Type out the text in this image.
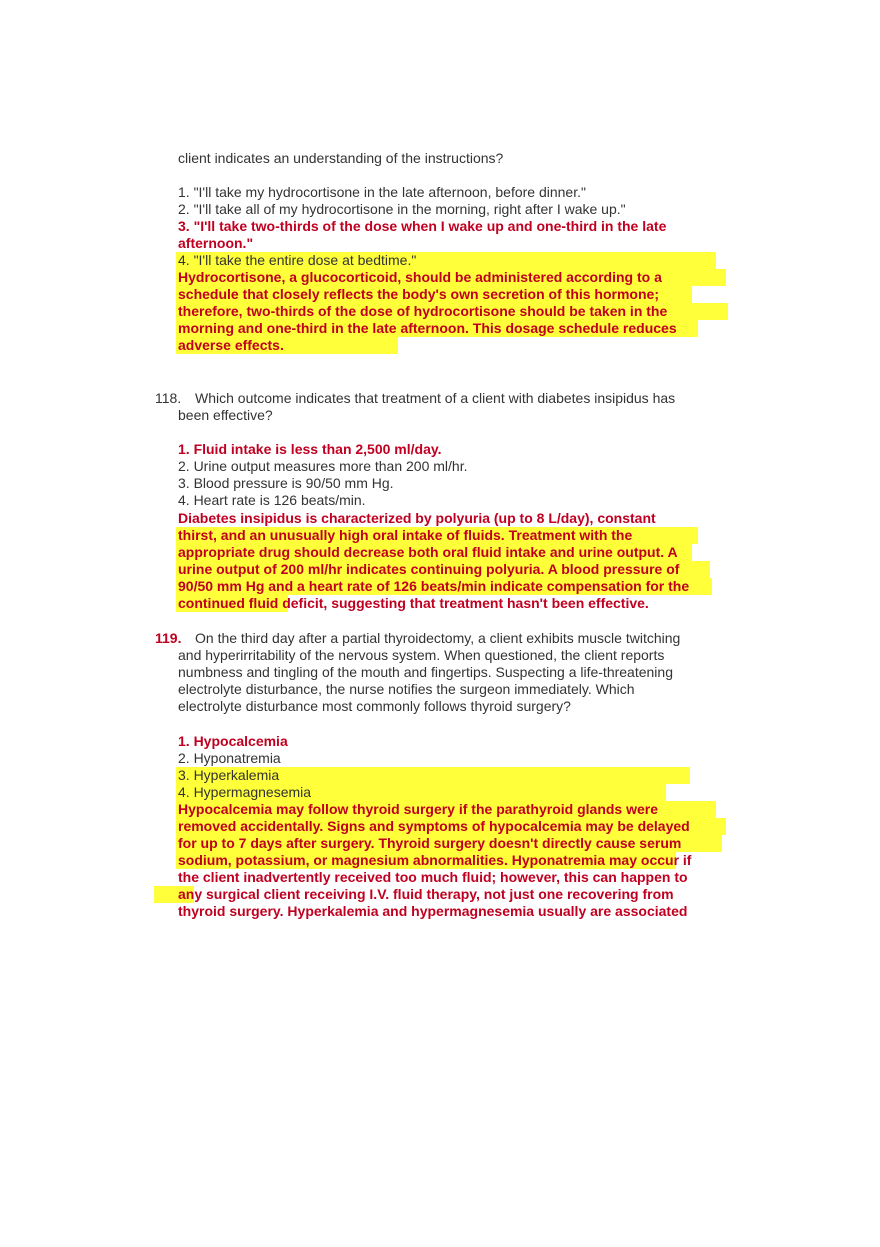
client indicates an understanding of the instructions?
1. "I'll take my hydrocortisone in the late afternoon, before dinner."
2. "I'll take all of my hydrocortisone in the morning, right after I wake up."
3. "I'll take two-thirds of the dose when I wake up and one-third in the late
afternoon."
4. "I'll take the entire dose at bedtime."
Hydrocortisone, a glucocorticoid, should be administered according to a
schedule that closely reflects the body's own secretion of this hormone;
therefore, two-thirds of the dose of hydrocortisone should be taken in the
morning and one-third in the late afternoon. This dosage schedule reduces
adverse effects.
118. Which outcome indicates that treatment of a client with diabetes insipidus has
been effective?
1. Fluid intake is less than 2,500 ml/day.
2. Urine output measures more than 200 ml/hr.
3. Blood pressure is 90/50 mm Hg.
4. Heart rate is 126 beats/min.
Diabetes insipidus is characterized by polyuria (up to 8 L/day), constant
thirst, and an unusually high oral intake of fluids. Treatment with the
appropriate drug should decrease both oral fluid intake and urine output. A
urine output of 200 ml/hr indicates continuing polyuria. A blood pressure of
90/50 mm Hg and a heart rate of 126 beats/min indicate compensation for the
continued fluid deficit, suggesting that treatment hasn't been effective.
119. On the third day after a partial thyroidectomy, a client exhibits muscle twitching
and hyperirritability of the nervous system. When questioned, the client reports
numbness and tingling of the mouth and fingertips. Suspecting a life-threatening
electrolyte disturbance, the nurse notifies the surgeon immediately. Which
electrolyte disturbance most commonly follows thyroid surgery?
1. Hypocalcemia
2. Hyponatremia
3. Hyperkalemia
4. Hypermagnesemia
Hypocalcemia may follow thyroid surgery if the parathyroid glands were
removed accidentally. Signs and symptoms of hypocalcemia may be delayed
for up to 7 days after surgery. Thyroid surgery doesn't directly cause serum
sodium, potassium, or magnesium abnormalities. Hyponatremia may occur if
the client inadvertently received too much fluid; however, this can happen to
any surgical client receiving I.V. fluid therapy, not just one recovering from
thyroid surgery. Hyperkalemia and hypermagnesemia usually are associated
